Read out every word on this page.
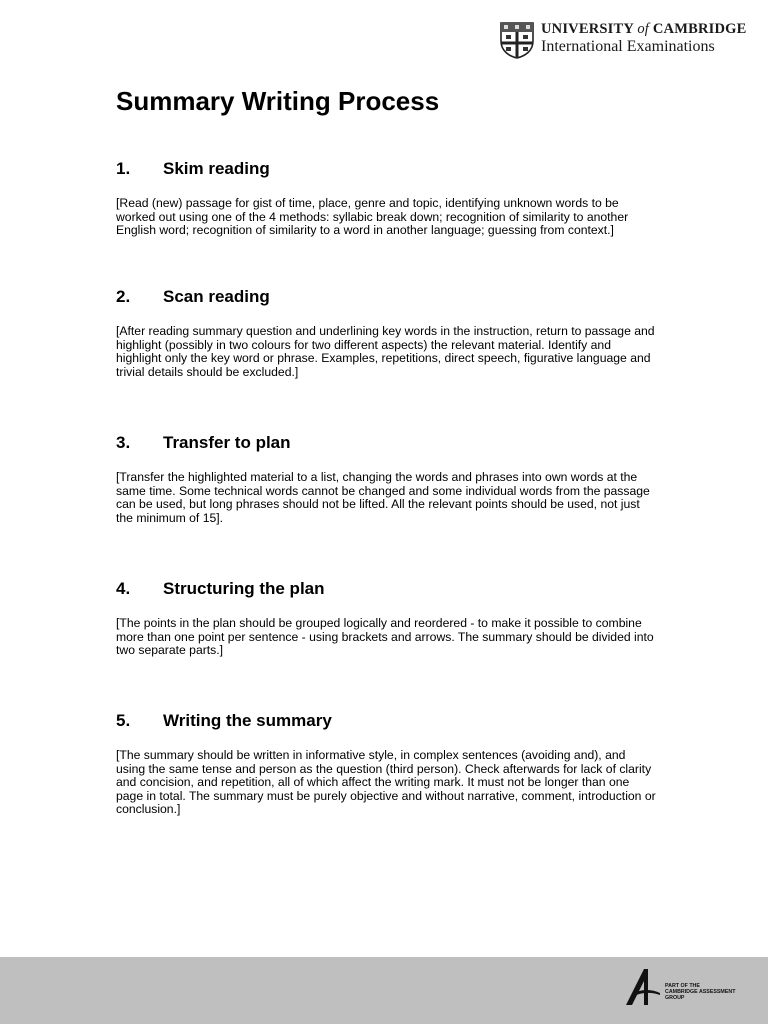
UNIVERSITY of CAMBRIDGE
International Examinations
Summary Writing Process
1.	Skim reading

[Read (new) passage for gist of time, place, genre and topic, identifying unknown words to be worked out using one of the 4 methods: syllabic break down; recognition of similarity to another English word; recognition of similarity to a word in another language; guessing from context.]

2.	Scan reading

[After reading summary question and underlining key words in the instruction, return to passage and highlight (possibly in two colours for two different aspects) the relevant material. Identify and highlight only the key word or phrase. Examples, repetitions, direct speech, figurative language and trivial details should be excluded.]

3.	Transfer to plan

[Transfer the highlighted material to a list, changing the words and phrases into own words at the same time. Some technical words cannot be changed and some individual words from the passage can be used, but long phrases should not be lifted. All the relevant points should be used, not just the minimum of 15].

4.	Structuring the plan

[The points in the plan should be grouped logically and reordered - to make it possible to combine more than one point per sentence - using brackets and arrows. The summary should be divided into two separate parts.]

5.	Writing the summary

[The summary should be written in informative style, in complex sentences (avoiding and), and using the same tense and person as the question (third person). Check afterwards for lack of clarity and concision, and repetition, all of which affect the writing mark. It must not be longer than one page in total. The summary must be purely objective and without narrative, comment, introduction or conclusion.]

PART OF THE
CAMBRIDGE ASSESSMENT
GROUP
